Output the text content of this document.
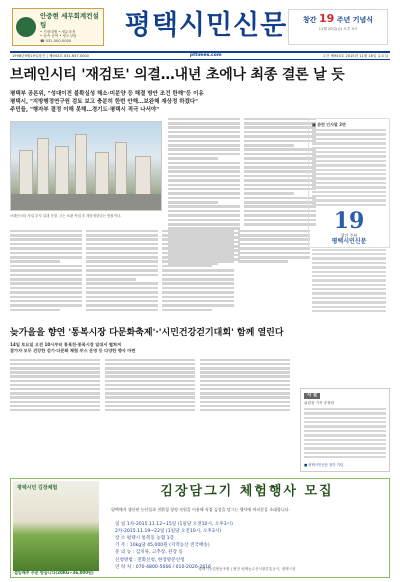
안중현 세무회계컨설팅
• 기장대행 • 세무조정
• 상속·증여 • 양도상담
☎ 031-000-0000
평택시민신문	창간 19 주년 기념식
11월 20일(금) 오후 3시
1998년9월19일창간 | 제943호 031.657.0000	pttimes.com	주간 제943호 2015년 11월 18일 수요일
브레인시티 '재검토' 의결…내년 초에나 최종 결론 날 듯
평택부 공론위, "성대이전 불확실성 해소·미분양 등 해결 방안 조건 한해"등 이유
평택시, "지방행정연구원 검토 보고 충분히 한번 안해…보완해 재상정 하겠다"
주민들, "행자부 결정 이해 못해…경기도·평택시 적극 나서야"
브레인시티 사업 부지 일대 전경. 시는 보완 작업 후 재상정한다는 방침이다.
■ 관련 인사말 2면
19
창간 주년
평택시민신문
늦가을을 향연 '통복시장 다문화축제'·'시민건강걷기대회' 함께 열린다
14일 토요일 오전 10시부터 통복천·통복시장 일대서 펼쳐져
참가자 모두 건강한 걷기·다문화 체험 부스 운영 등 다양한 행사 마련
사 설
위원장 기자 송정화
■ 평택시민신문 창간 기념
평택시민 김장체험	김장담그기 체험행사 모집
평택에서 생산된 농산물과 친환경 청정 자원을 이용해 직접 김장을 담그는 행사에 여러분을 초대합니다.
일 일 1차-2015.11.12~15일 (1일당 오전10시, 오후3시)
2차-2015.11.19~22일 (1일당 오전10시, 오후3시)
장 소 평택시 통복동 농협 1층
기 주 : 10kg당 45,000원 (지역농산 전국배송)
문 의 농 : 김치류, 고추장, 된장 등
신청방법 : 전화신청, 현장방문신청
연 락 처 : 070-4800-5666 / 010-2026-2616
평택시농업협동조합 | 협찬 평택농수산식품유통공사, 평택시청
절임배추 주문 받습니다(20KG~36,000원)
